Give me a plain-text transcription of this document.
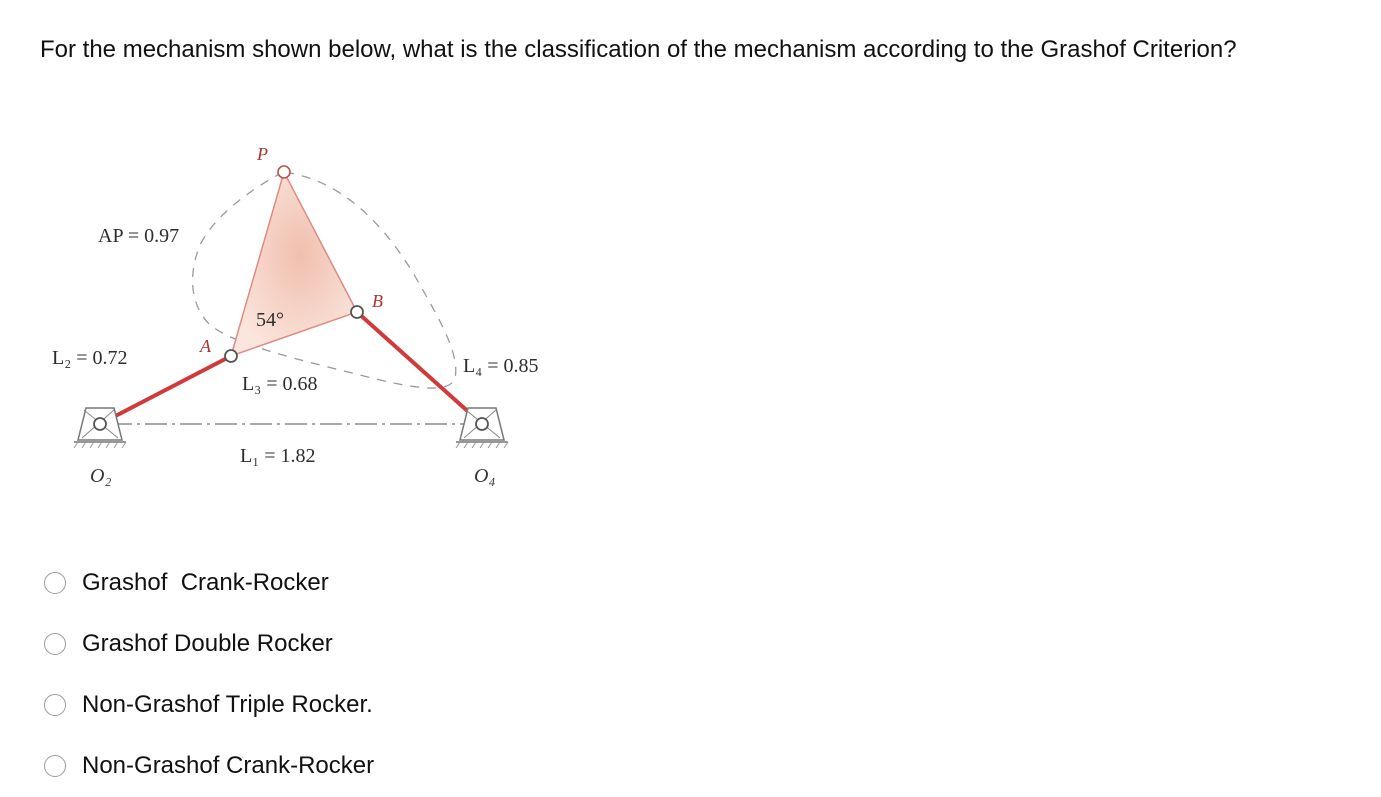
For the mechanism shown below, what is the classification of the mechanism according to the Grashof Criterion?
P
A
B
AP = 0.97
L₂ = 0.72
54°
L₃ = 0.68
L₄ = 0.85
L₁ = 1.82
O₂	O₄
Grashof  Crank-Rocker
Grashof Double Rocker
Non-Grashof Triple Rocker.
Non-Grashof Crank-Rocker
